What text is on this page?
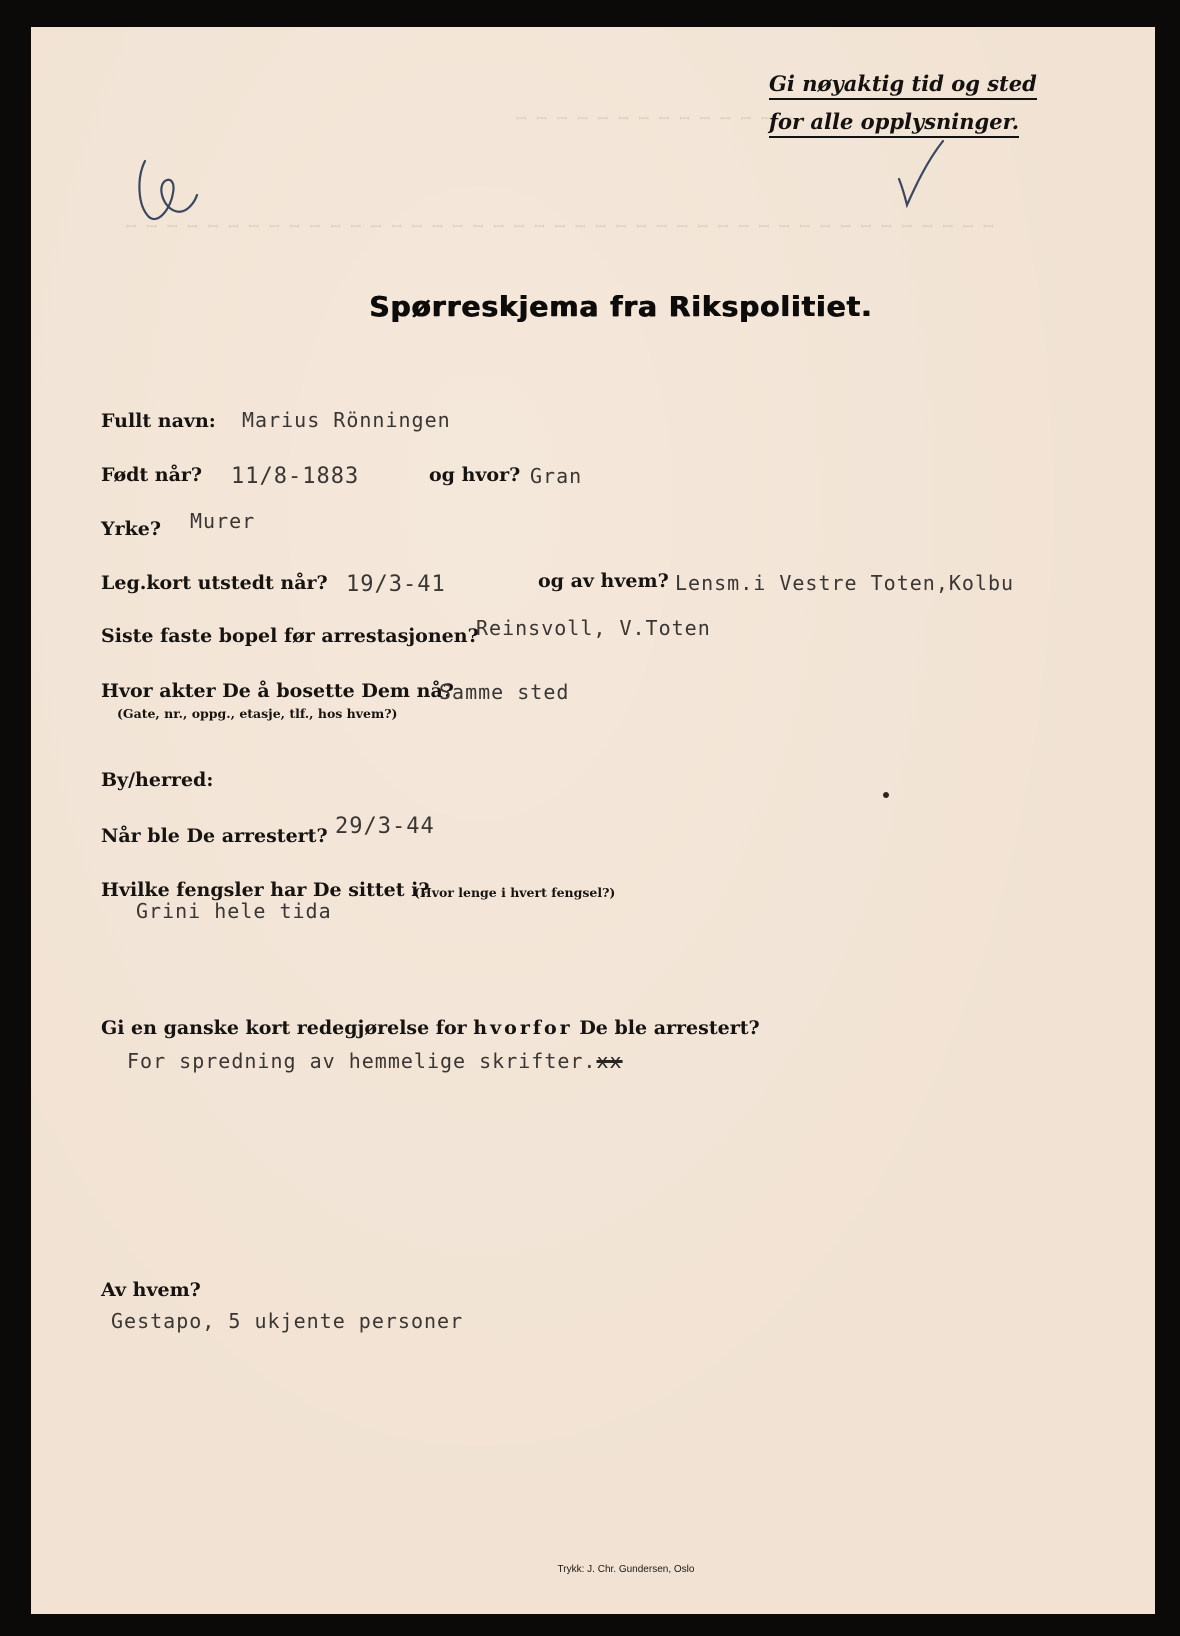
ꟷ ꟷ ꟷ ꟷ ꟷ ꟷ ꟷ ꟷ ꟷ ꟷ ꟷ ꟷ ꟷ ꟷ
ꟷ ꟷ ꟷ ꟷ ꟷ ꟷ ꟷ ꟷ ꟷ ꟷ ꟷ ꟷ ꟷ ꟷ ꟷ ꟷ ꟷ ꟷ ꟷ ꟷ ꟷ ꟷ ꟷ ꟷ ꟷ ꟷ ꟷ ꟷ ꟷ ꟷ ꟷ ꟷ ꟷ ꟷ ꟷ ꟷ ꟷ ꟷ ꟷ ꟷ ꟷ ꟷ ꟷ
Gi nøyaktig tid og sted
for alle opplysninger.
Spørreskjema fra Rikspolitiet.
Fullt navn: Marius Rönningen
Født når? 11/8-1883	og hvor? Gran
Yrke? Murer
Leg.kort utstedt når? 19/3-41	og av hvem? Lensm.i Vestre Toten,Kolbu
Siste faste bopel før arrestasjonen?
Reinsvoll, V.Toten
Hvor akter De å bosette Dem nå?
Samme sted
(Gate, nr., oppg., etasje, tlf., hos hvem?)
By/herred:
Når ble De arrestert? 29/3-44
Hvilke fengsler har De sittet i?
(Hvor lenge i hvert fengsel?)
Grini hele tida
Gi en ganske kort redegjørelse for hvorfor De ble arrestert?
For spredning av hemmelige skrifter.xx
Av hvem?
Gestapo, 5 ukjente personer
Trykk: J. Chr. Gundersen, Oslo
